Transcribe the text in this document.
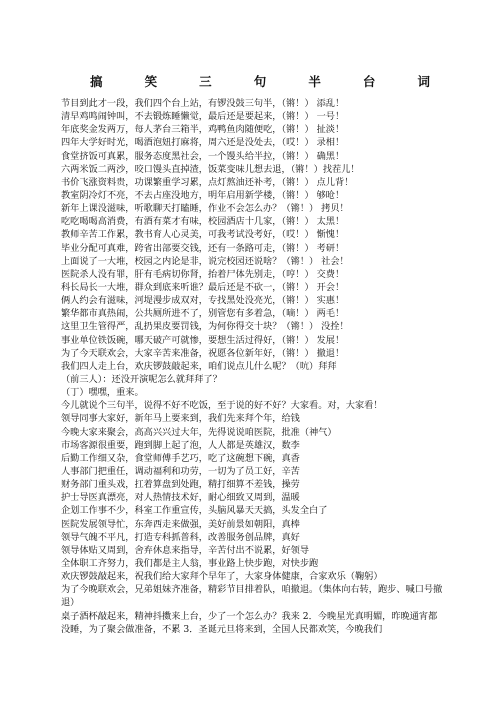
搞	笑	三	句	半	台	词
节目到此才一段，我们四个台上站，有锣没鼓三句半，（锵！） 添乱！
清早鸡鸣闹钟叫，不去锻炼睡懒觉，最后还是要起来，（锵！） 一号！
年底奖金发两万，每人茅台三箱半，鸡鸭鱼肉随便吃，（锵！） 扯淡！
四年大学好时光，喝酒泡妞打麻将，周六还是没处去，（哎！） 录相！
食堂挤饭可真累，服务态度黑社会，一个馒头给半拉，（锵！） 确黑！
六两米饭二两沙，咬口馒头直掉渣，饭菜变味儿想去退，（锵！）找茬儿！
书价飞涨资料贵，功课繁重学习累，点灯熬油还补考，（锵！） 点儿背！
教室阴冷灯不亮，不去占座没地方，明年启用新学楼，（锵！） 够呛！
新年上课没滋味，听歌聊天打瞌睡，作业不会怎么办？（锵！） 拷贝！
吃吃喝喝高消费，有酒有菜才有味，校园酒店十几家，（锵！） 太黑！
教师辛苦工作累，教书育人心灵美，可我考试没考好，（哎！） 惭愧！
毕业分配可真难，跨省出部要交钱，还有一条路可走，（锵！） 考研！
上面说了一大堆，校园之内论是非，说完校园还说啥？（锵！） 社会！
医院杀人没有罪，肝有毛病切你肾，抬着尸体先别走，（哼！） 交费！
科长局长一大堆，群众到底来听谁？最后还是不砍一，（锵！） 开会！
俩人约会有滋味，河堤漫步成双对，专找黑处没亮光，（锵！） 实惠！
繁华都市真热闹，公共厕所进不了，别管您有多着急，（嘀！） 两毛！
这里卫生管得严，乱扔果皮要罚钱，为何你得交十块？（锵！） 没拴！
事业单位铁饭碗，哪天破产可就惨，要想生活过得好，（锵！） 发展！
为了今天联欢会，大家辛苦来准备，祝愿各位新年好，（锵！） 撤退！
我们四人走上台，欢庆锣鼓敲起来，咱们说点儿什么呢？（吭）拜拜
（前三人）：还没开演呢怎么就拜拜了？
（丁）嘿嘿，重来。
今儿就说个三句半，说得不好不吃饭，至于说的好不好？大家看。对，大家看！
领导同事大家好，新年马上要来到，我们先来拜个年，给钱
今晚大家来聚会，高高兴兴过大年，先得说说咱医院，批准（神气）
市场客源很重要，跑到脚上起了泡，人人都是英雄汉，数李
后勤工作细又杂，食堂师傅手艺巧，吃了这碗想下碗，真香
人事部门把重任，调动福利和功劳，一切为了员工好，辛苦
财务部门重头戏，扛着算盘到处跑，精打细算不差钱，操劳
护士导医真漂亮，对人热情技术好，耐心细致又周到，温暖
企划工作事不少，科室工作重宣传，头脑风暴天天搞，头发全白了
医院发展领导忙，东奔西走来做强，美好前景如朝阳，真棒
领导气魄不平凡，打造专科抓普科，改善服务创品牌，真好
领导体贴又周到，舍弃休息来指导，辛苦付出不说累，好领导
全体职工齐努力，我们都是主人翁，事业路上快步跑，对快步跑
欢庆锣鼓敲起来，祝我们给大家拜个早年了，大家身体健康，合家欢乐（鞠躬）
为了今晚联欢会，兄弟姐妹齐准备，精彩节目排着队，咱撤退。（集体向右转，跑步、喊口号撤退）
桌子酒杯敲起来，精神抖擞来上台，少了一个怎么办？我来 2．今晚星光真明媚，昨晚通宵都没睡，为了聚会做准备，不累 3．圣诞元旦将来到，全国人民都欢笑，今晚我们
